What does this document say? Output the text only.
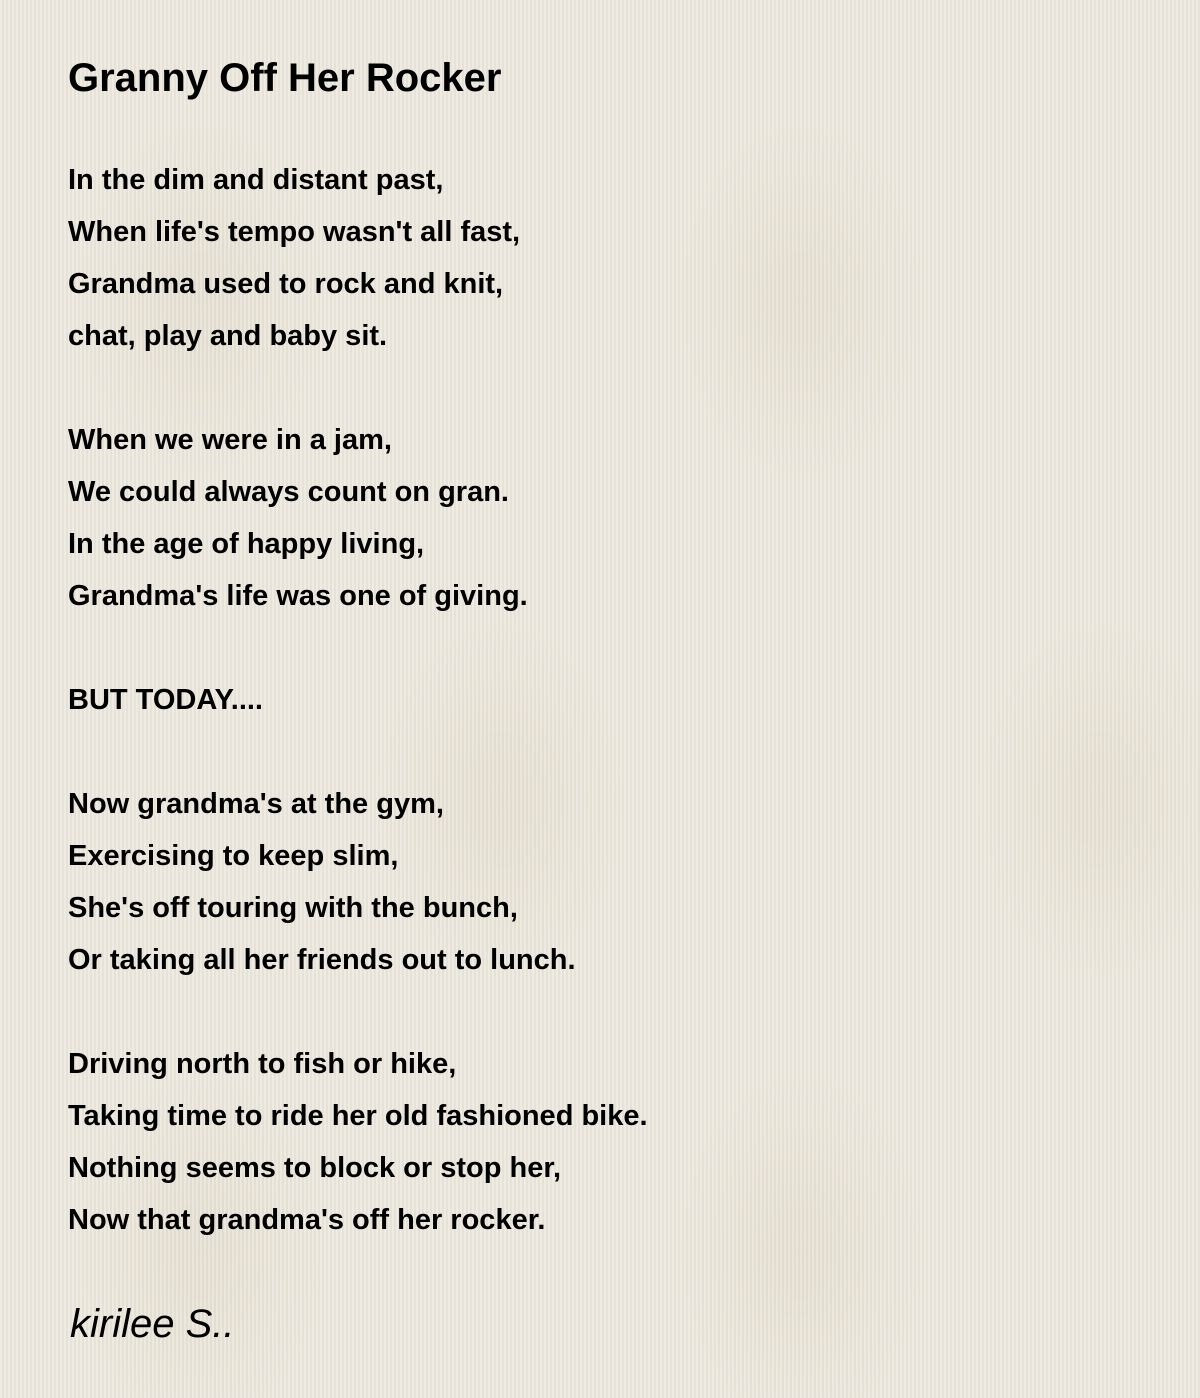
Granny Off Her Rocker
In the dim and distant past,
When life's tempo wasn't all fast,
Grandma used to rock and knit,
chat, play and baby sit.
When we were in a jam,
We could always count on gran.
In the age of happy living,
Grandma's life was one of giving.
BUT TODAY....
Now grandma's at the gym,
Exercising to keep slim,
She's off touring with the bunch,
Or taking all her friends out to lunch.
Driving north to fish or hike,
Taking time to ride her old fashioned bike.
Nothing seems to block or stop her,
Now that grandma's off her rocker.
kirilee S..
